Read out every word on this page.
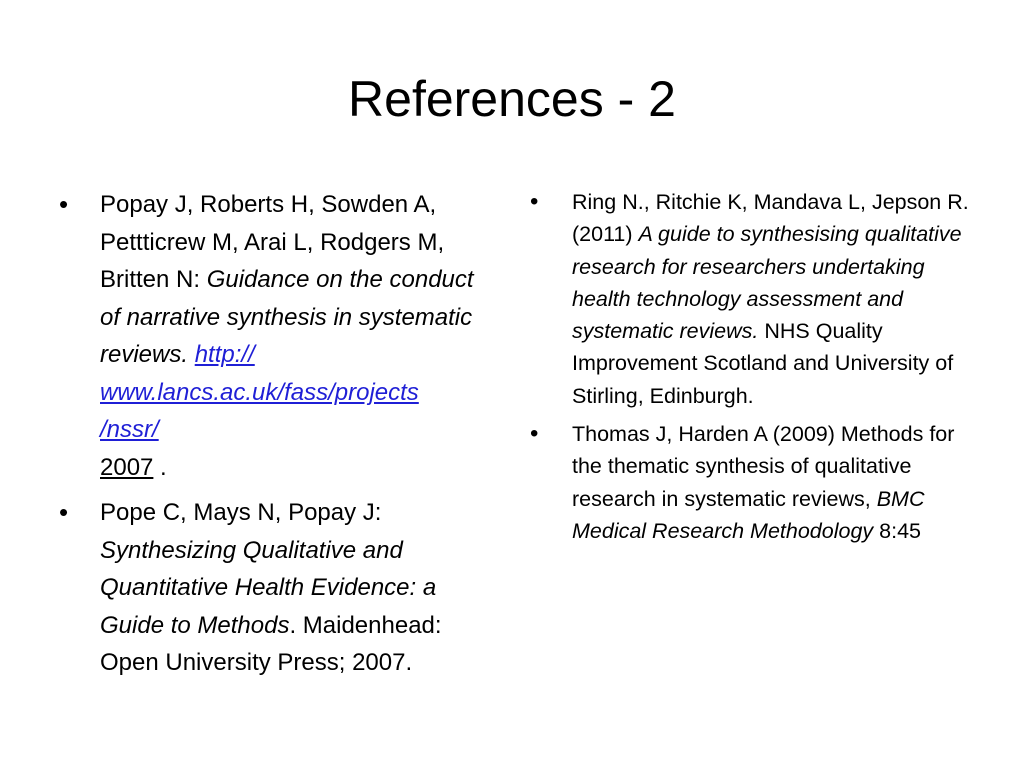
References - 2
• Popay J, Roberts H, Sowden A, Pettticrew M, Arai L, Rodgers M, Britten N: Guidance on the conduct of narrative synthesis in systematic reviews. http://
www.lancs.ac.uk/fass/projects
/nssr/
2007 .
• Pope C, Mays N, Popay J: Synthesizing Qualitative and Quantitative Health Evidence: a Guide to Methods. Maidenhead: Open University Press; 2007.
• Ring N., Ritchie K, Mandava L, Jepson R. (2011) A guide to synthesising qualitative research for researchers undertaking health technology assessment and systematic reviews. NHS Quality Improvement Scotland and University of Stirling, Edinburgh.
• Thomas J, Harden A (2009) Methods for the thematic synthesis of qualitative research in systematic reviews, BMC Medical Research Methodology 8:45
